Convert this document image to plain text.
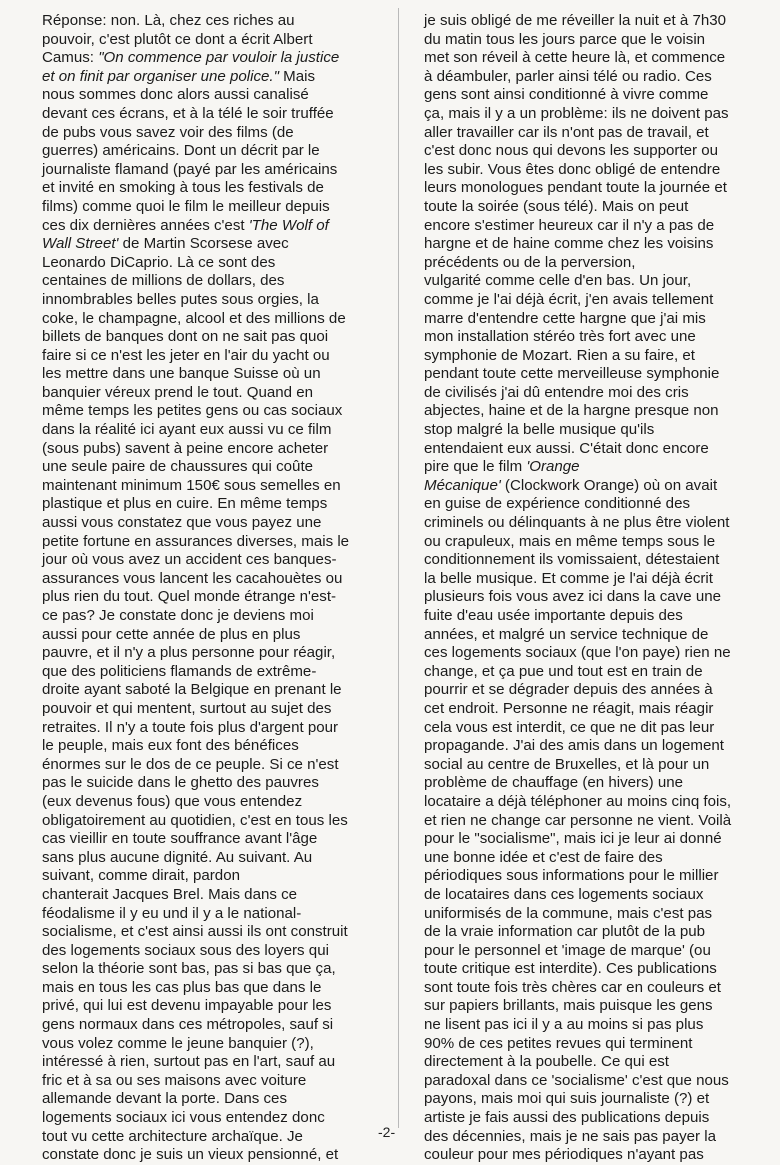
Réponse: non. Là, chez ces riches au
pouvoir, c'est plutôt ce dont a écrit Albert
Camus: "On commence par vouloir la justice
et on finit par organiser une police." Mais
nous sommes donc alors aussi canalisé
devant ces écrans, et à la télé le soir truffée
de pubs vous savez voir des films (de
guerres) américains. Dont un décrit par le
journaliste flamand (payé par les américains
et invité en smoking à tous les festivals de
films) comme quoi le film le meilleur depuis
ces dix dernières années c'est 'The Wolf of
Wall Street' de Martin Scorsese avec
Leonardo DiCaprio. Là ce sont des
centaines de millions de dollars, des
innombrables belles putes sous orgies, la
coke, le champagne, alcool et des millions de
billets de banques dont on ne sait pas quoi
faire si ce n'est les jeter en l'air du yacht ou
les mettre dans une banque Suisse où un
banquier véreux prend le tout. Quand en
même temps les petites gens ou cas sociaux
dans la réalité ici ayant eux aussi vu ce film
(sous pubs) savent à peine encore acheter
une seule paire de chaussures qui coûte
maintenant minimum 150€ sous semelles en
plastique et plus en cuire. En même temps
aussi vous constatez que vous payez une
petite fortune en assurances diverses, mais le
jour où vous avez un accident ces banques-
assurances vous lancent les cacahouètes ou
plus rien du tout. Quel monde étrange n'est-
ce pas? Je constate donc je deviens moi
aussi pour cette année de plus en plus
pauvre, et il n'y a plus personne pour réagir,
que des politiciens flamands de extrême-
droite ayant saboté la Belgique en prenant le
pouvoir et qui mentent, surtout au sujet des
retraites. Il n'y a toute fois plus d'argent pour
le peuple, mais eux font des bénéfices
énormes sur le dos de ce peuple. Si ce n'est
pas le suicide dans le ghetto des pauvres
(eux devenus fous) que vous entendez
obligatoirement au quotidien, c'est en tous les
cas vieillir en toute souffrance avant l'âge
sans plus aucune dignité. Au suivant. Au
suivant, comme dirait, pardon
chanterait Jacques Brel. Mais dans ce
féodalisme il y eu und il y a le national-
socialisme, et c'est ainsi aussi ils ont construit
des logements sociaux sous des loyers qui
selon la théorie sont bas, pas si bas que ça,
mais en tous les cas plus bas que dans le
privé, qui lui est devenu impayable pour les
gens normaux dans ces métropoles, sauf si
vous volez comme le jeune banquier (?),
intéressé à rien, surtout pas en l'art, sauf au
fric et à sa ou ses maisons avec voiture
allemande devant la porte. Dans ces
logements sociaux ici vous entendez donc
tout vu cette architecture archaïque. Je
constate donc je suis un vieux pensionné, et
je suis obligé de me réveiller la nuit et à 7h30
du matin tous les jours parce que le voisin
met son réveil à cette heure là, et commence
à déambuler, parler ainsi télé ou radio. Ces
gens sont ainsi conditionné à vivre comme
ça, mais il y a un problème: ils ne doivent pas
aller travailler car ils n'ont pas de travail, et
c'est donc nous qui devons les supporter ou
les subir. Vous êtes donc obligé de entendre
leurs monologues pendant toute la journée et
toute la soirée (sous télé). Mais on peut
encore s'estimer heureux car il n'y a pas de
hargne et de haine comme chez les voisins
précédents ou de la perversion,
vulgarité comme celle d'en bas. Un jour,
comme je l'ai déjà écrit, j'en avais tellement
marre d'entendre cette hargne que j'ai mis
mon installation stéréo très fort avec une
symphonie de Mozart. Rien a su faire, et
pendant toute cette merveilleuse symphonie
de civilisés j'ai dû entendre moi des cris
abjectes, haine et de la hargne presque non
stop malgré la belle musique qu'ils
entendaient eux aussi. C'était donc encore
pire que le film 'Orange
Mécanique' (Clockwork Orange) où on avait
en guise de expérience conditionné des
criminels ou délinquants à ne plus être violent
ou crapuleux, mais en même temps sous le
conditionnement ils vomissaient, détestaient
la belle musique. Et comme je l'ai déjà écrit
plusieurs fois vous avez ici dans la cave une
fuite d'eau usée importante depuis des
années, et malgré un service technique de
ces logements sociaux (que l'on paye) rien ne
change, et ça pue und tout est en train de
pourrir et se dégrader depuis des années à
cet endroit. Personne ne réagit, mais réagir
cela vous est interdit, ce que ne dit pas leur
propagande. J'ai des amis dans un logement
social au centre de Bruxelles, et là pour un
problème de chauffage (en hivers) une
locataire a déjà téléphoner au moins cinq fois,
et rien ne change car personne ne vient. Voilà
pour le "socialisme", mais ici je leur ai donné
une bonne idée et c'est de faire des
périodiques sous informations pour le millier
de locataires dans ces logements sociaux
uniformisés de la commune, mais c'est pas
de la vraie information car plutôt de la pub
pour le personnel et 'image de marque' (ou
toute critique est interdite). Ces publications
sont toute fois très chères car en couleurs et
sur papiers brillants, mais puisque les gens
ne lisent pas ici il y a au moins si pas plus
90% de ces petites revues qui terminent
directement à la poubelle. Ce qui est
paradoxal dans ce 'socialisme' c'est que nous
payons, mais moi qui suis journaliste (?) et
artiste je fais aussi des publications depuis
des décennies, mais je ne sais pas payer la
couleur pour mes périodiques n'ayant pas
-2-
